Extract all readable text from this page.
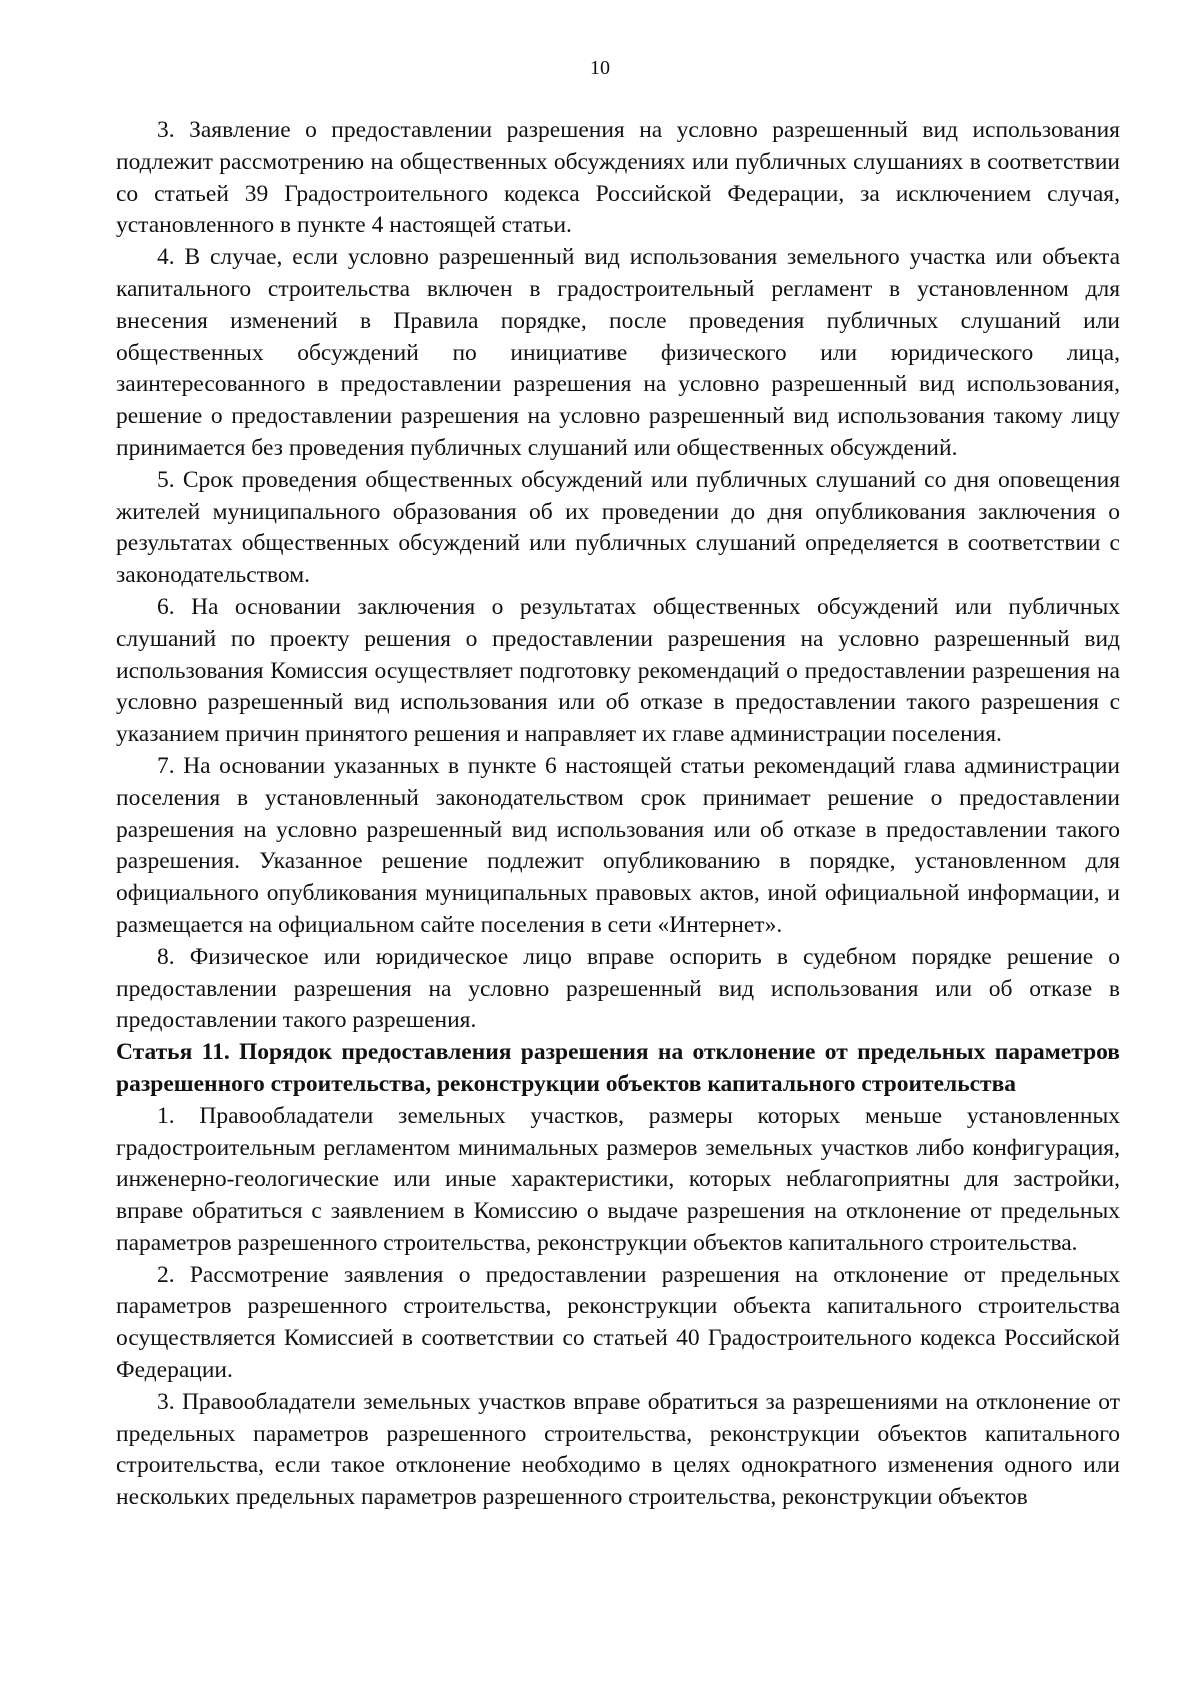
10

3. Заявление о предоставлении разрешения на условно разрешенный вид использования подлежит рассмотрению на общественных обсуждениях или публичных слушаниях в соответствии со статьей 39 Градостроительного кодекса Российской Федерации, за исключением случая, установленного в пункте 4 настоящей статьи.

4. В случае, если условно разрешенный вид использования земельного участка или объекта капитального строительства включен в градостроительный регламент в установленном для внесения изменений в Правила порядке, после проведения публичных слушаний или общественных обсуждений по инициативе физического или юридического лица, заинтересованного в предоставлении разрешения на условно разрешенный вид использования, решение о предоставлении разрешения на условно разрешенный вид использования такому лицу принимается без проведения публичных слушаний или общественных обсуждений.

5. Срок проведения общественных обсуждений или публичных слушаний со дня оповещения жителей муниципального образования об их проведении до дня опубликования заключения о результатах общественных обсуждений или публичных слушаний определяется в соответствии с законодательством.

6. На основании заключения о результатах общественных обсуждений или публичных слушаний по проекту решения о предоставлении разрешения на условно разрешенный вид использования Комиссия осуществляет подготовку рекомендаций о предоставлении разрешения на условно разрешенный вид использования или об отказе в предоставлении такого разрешения с указанием причин принятого решения и направляет их главе администрации поселения.

7. На основании указанных в пункте 6 настоящей статьи рекомендаций глава администрации поселения в установленный законодательством срок принимает решение о предоставлении разрешения на условно разрешенный вид использования или об отказе в предоставлении такого разрешения. Указанное решение подлежит опубликованию в порядке, установленном для официального опубликования муниципальных правовых актов, иной официальной информации, и размещается на официальном сайте поселения в сети «Интернет».

8. Физическое или юридическое лицо вправе оспорить в судебном порядке решение о предоставлении разрешения на условно разрешенный вид использования или об отказе в предоставлении такого разрешения.

Статья 11. Порядок предоставления разрешения на отклонение от предельных параметров разрешенного строительства, реконструкции объектов капитального строительства

1. Правообладатели земельных участков, размеры которых меньше установленных градостроительным регламентом минимальных размеров земельных участков либо конфигурация, инженерно-геологические или иные характеристики, которых неблагоприятны для застройки, вправе обратиться с заявлением в Комиссию о выдаче разрешения на отклонение от предельных параметров разрешенного строительства, реконструкции объектов капитального строительства.

2. Рассмотрение заявления о предоставлении разрешения на отклонение от предельных параметров разрешенного строительства, реконструкции объекта капитального строительства осуществляется Комиссией в соответствии со статьей 40 Градостроительного кодекса Российской Федерации.

3. Правообладатели земельных участков вправе обратиться за разрешениями на отклонение от предельных параметров разрешенного строительства, реконструкции объектов капитального строительства, если такое отклонение необходимо в целях однократного изменения одного или нескольких предельных параметров разрешенного строительства, реконструкции объектов
